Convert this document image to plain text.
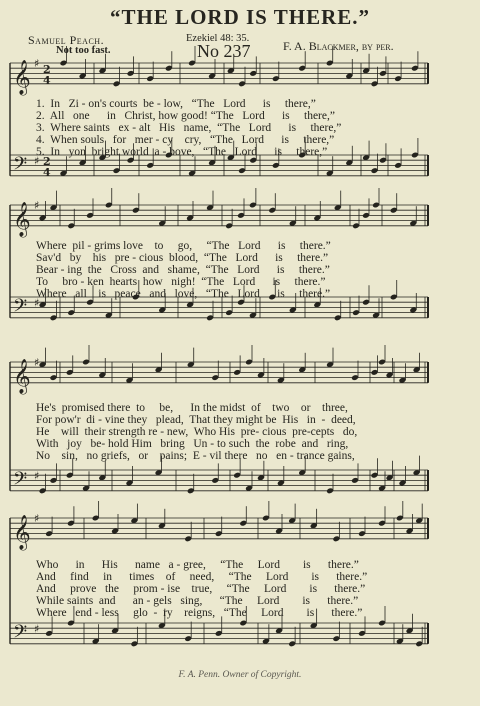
“THE LORD IS THERE.”
Samuel Peach.
Not too fast.
Ezekiel 48: 35.
No 237	F. A. Blackmer, by per.
𝄞 ♯
𝄢 ♯
𝄞 ♯
𝄢 ♯
𝄞 ♯
𝄢 ♯
𝄞 ♯
𝄢 ♯
2
4
2
4
1.  In   Zi - on's courts  be - low,   “The   Lord      is     there,”
2.  All   one      in   Christ, how good! “The   Lord      is     there,”
3.  Where saints   ex - alt   His   name,  “The   Lord      is     there,”
4.  When souls   for   mer - cy    cry,   “The   Lord      is     there,”
5.  In   yon  bright world  a - bove,   “The   Lord      is     there,”
Where  pil - grims love    to     go,     “The   Lord      is     there.”
Sav'd   by    his   pre - cious  blood,  “The   Lord      is     there.”
Bear - ing  the   Cross  and   shame,  “The   Lord      is     there.”
To     bro - ken  hearts  how   nigh!  “The   Lord      is     there.”
Where   all    is   peace   and   love,   “The   Lord      is     there.”
He's  promised there  to     be,      In the midst  of    two    or    three,
For pow'r  di - vine they   plead,  That they might be  His   in  -  deed,
He    will  their strength re - new,  Who His  pre- cious  pre-cepts   do,
With   joy   be- hold Him   bring   Un - to such  the  robe  and   ring,
No    sin,   no griefs,   or    pains;  E - vil there   no   en - trance gains,
Who      in      His      name   a - gree,     “The     Lord        is      there.”
And     find     in      times    of     need,     “The     Lord        is      there.”
And     prove   the     prom - ise    true,     “The     Lord        is      there.”
While saints  and      an - gels   sing,      “The     Lord        is      there.”
Where   end - less     glo  -  ry    reigns,   “The     Lord        is      there.”
F. A. Penn. Owner of Copyright.
